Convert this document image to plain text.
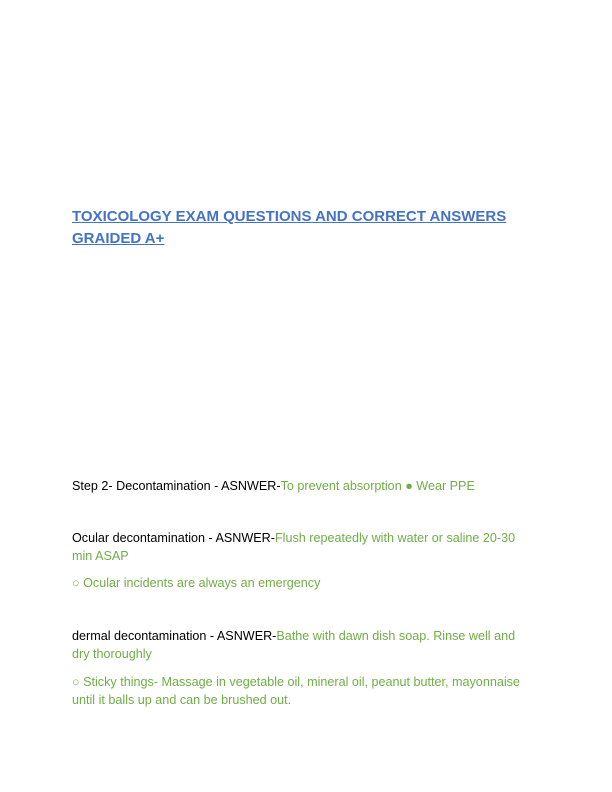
TOXICOLOGY EXAM QUESTIONS AND CORRECT ANSWERS GRAIDED A+

Step 2- Decontamination - ASNWER-To prevent absorption ● Wear PPE

Ocular decontamination - ASNWER-Flush repeatedly with water or saline 20-30 min ASAP

○ Ocular incidents are always an emergency

dermal decontamination - ASNWER-Bathe with dawn dish soap. Rinse well and dry thoroughly

○ Sticky things- Massage in vegetable oil, mineral oil, peanut butter, mayonnaise until it balls up and can be brushed out.
